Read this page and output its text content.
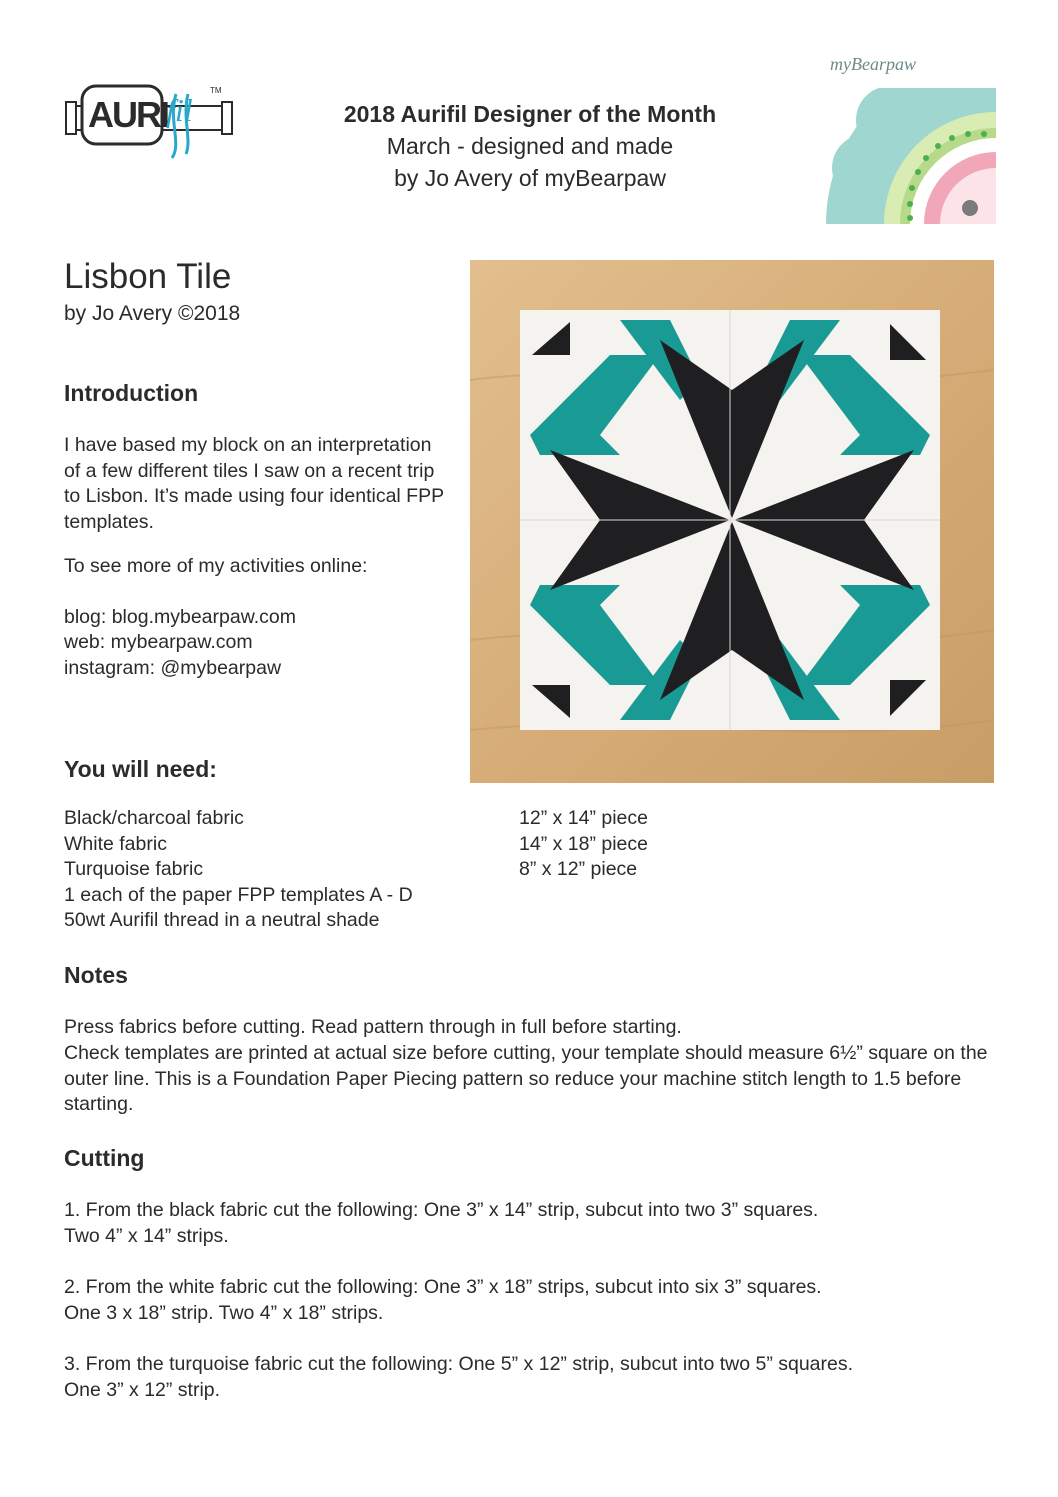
AURI
fil
TM
2018 Aurifil Designer of the Month
March - designed and made
by Jo Avery of myBearpaw
myBearpaw
Lisbon Tile
by Jo Avery ©2018
Introduction
I have based my block on an interpretation of a few different tiles I saw on a recent trip to Lisbon. It’s made using four identical FPP templates.
To see more of my activities online:
blog: blog.mybearpaw.com
web: mybearpaw.com
instagram: @mybearpaw
You will need:
Black/charcoal fabric	12” x 14” piece
White fabric	14” x 18” piece
Turquoise fabric	8” x 12” piece
1 each of the paper FPP templates A - D
50wt Aurifil thread in a neutral shade
Notes
Press fabrics before cutting. Read pattern through in full before starting.
Check templates are printed at actual size before cutting, your template should measure 6½” square on the outer line. This is a Foundation Paper Piecing pattern so reduce your machine stitch length to 1.5 before starting.
Cutting
1. From the black fabric cut the following: One 3” x 14” strip, subcut into two 3” squares.
Two 4” x 14” strips.
2. From the white fabric cut the following: One 3” x 18” strips, subcut into six 3” squares.
One 3 x 18” strip. Two 4” x 18” strips.
3. From the turquoise fabric cut the following: One 5” x 12” strip, subcut into two 5” squares.
One 3” x 12” strip.
